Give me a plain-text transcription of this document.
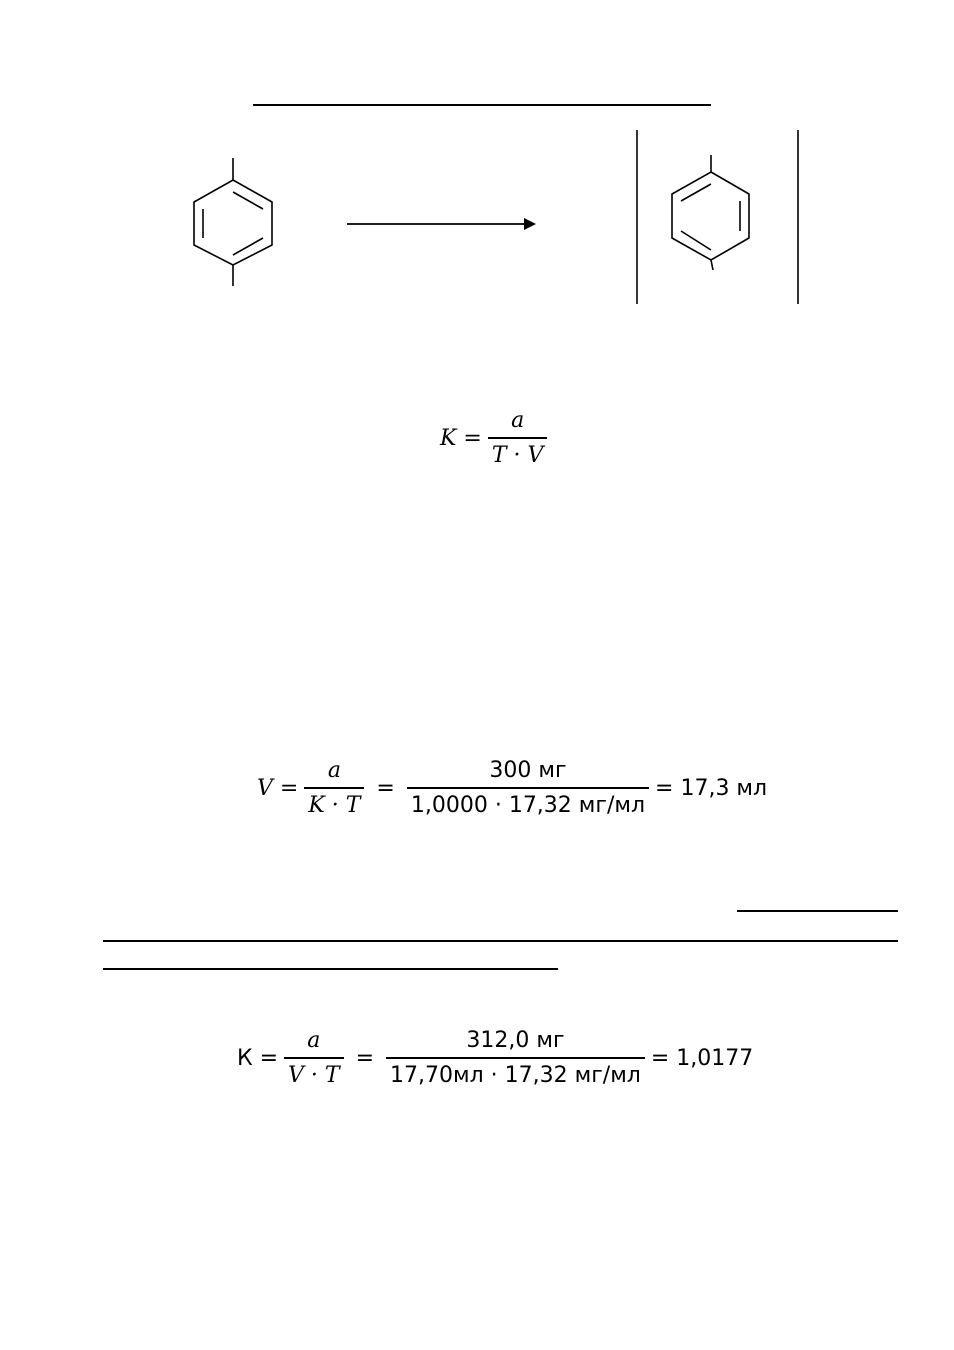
$K = \frac{a}{T \cdot V}$
$V = \frac{a}{K \cdot T} = \frac{300 мг}{1,0000 \cdot 17,32 мг/мл} = 17,3$ мл
$К = \frac{a}{V \cdot T} = \frac{312,0 мг}{17,70мл \cdot 17,32 мг/мл} = 1,0177$
